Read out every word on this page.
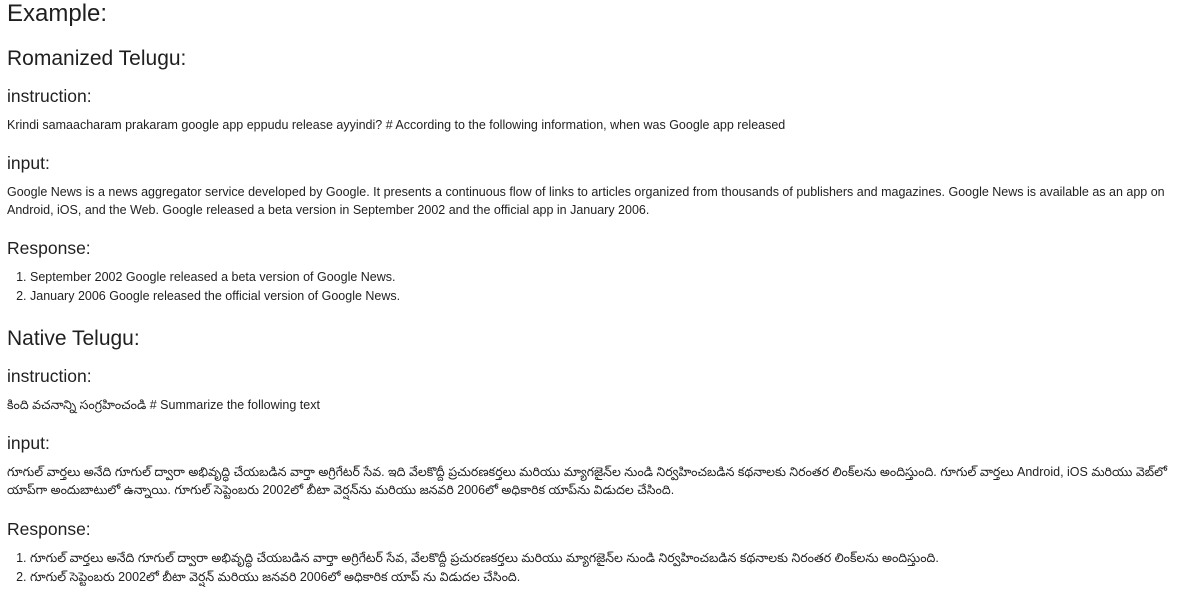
Example:
Romanized Telugu:
instruction:

Krindi samaacharam prakaram google app eppudu release ayyindi? # According to the following information, when was Google app released

input:

Google News is a news aggregator service developed by Google. It presents a continuous flow of links to articles organized from thousands of publishers and magazines. Google News is available as an app on Android, iOS, and the Web. Google released a beta version in September 2002 and the official app in January 2006.

Response:
1. September 2002 Google released a beta version of Google News.
2. January 2006 Google released the official version of Google News.
Native Telugu:
instruction:

కింది వచనాన్ని సంగ్రహించండి # Summarize the following text

input:

గూగుల్ వార్తలు అనేది గూగుల్ ద్వారా అభివృద్ధి చేయబడిన వార్తా అగ్రిగేటర్ సేవ. ఇది వేలకొద్దీ ప్రచురణకర్తలు మరియు మ్యాగజైన్‌ల నుండి నిర్వహించబడిన కథనాలకు నిరంతర లింక్‌లను అందిస్తుంది. గూగుల్ వార్తలు Android, iOS మరియు వెబ్‌లో యాప్‌గా అందుబాటులో ఉన్నాయి. గూగుల్ సెప్టెంబరు 2002లో బీటా వెర్షన్‌ను మరియు జనవరి 2006లో అధికారిక యాప్‌ను విడుదల చేసింది.

Response:
1. గూగుల్ వార్తలు అనేది గూగుల్ ద్వారా అభివృద్ధి చేయబడిన వార్తా అగ్రిగేటర్ సేవ, వేలకొద్దీ ప్రచురణకర్తలు మరియు మ్యాగజైన్‌ల నుండి నిర్వహించబడిన కథనాలకు నిరంతర లింక్‌లను అందిస్తుంది.
2. గూగుల్ సెప్టెంబరు 2002లో బీటా వెర్షన్ మరియు జనవరి 2006లో అధికారిక యాప్ ను విడుదల చేసింది.
